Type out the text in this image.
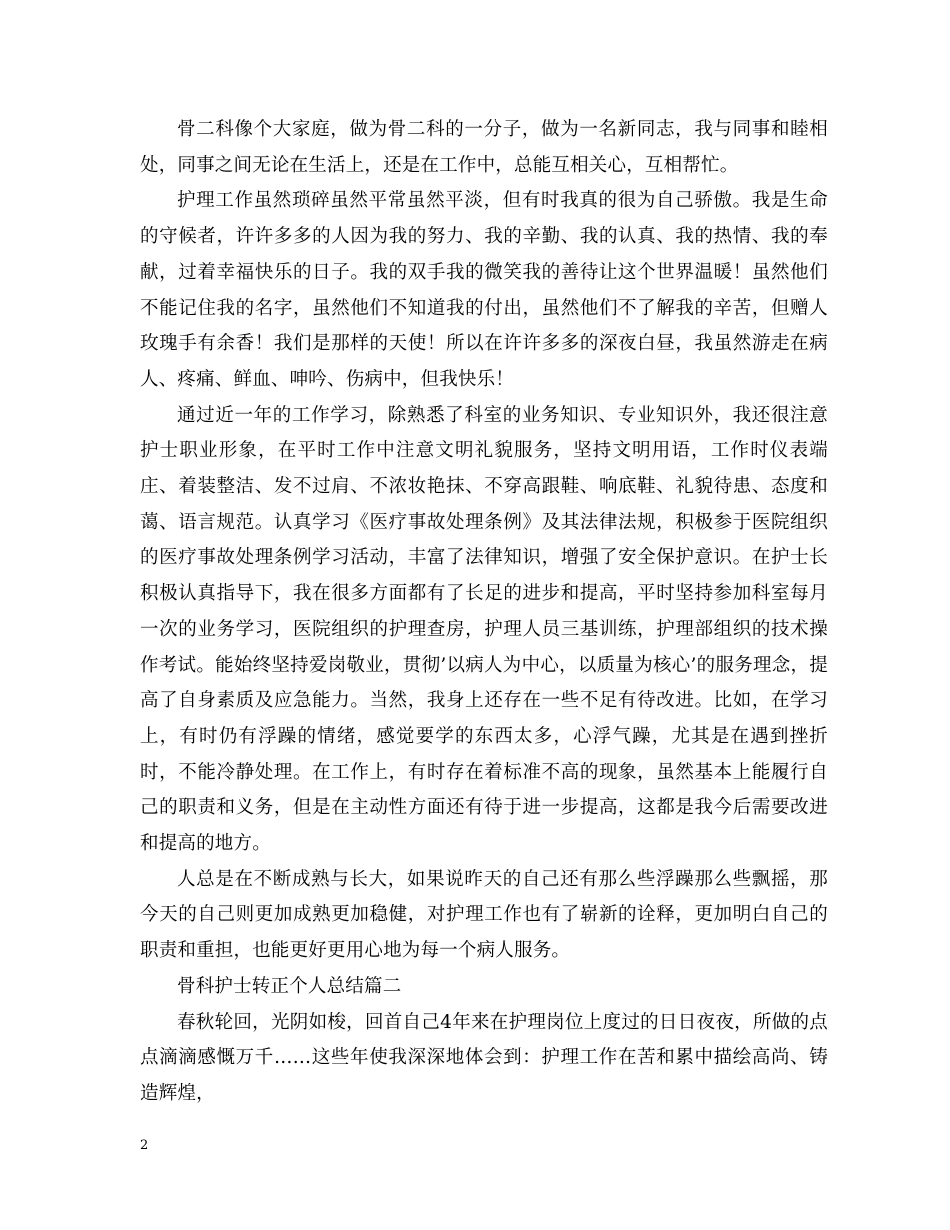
骨二科像个大家庭，做为骨二科的一分子，做为一名新同志，我与同事和睦相处，同事之间无论在生活上，还是在工作中，总能互相关心，互相帮忙。

护理工作虽然琐碎虽然平常虽然平淡，但有时我真的很为自己骄傲。我是生命的守候者，许许多多的人因为我的努力、我的辛勤、我的认真、我的热情、我的奉献，过着幸福快乐的日子。我的双手我的微笑我的善待让这个世界温暖！虽然他们不能记住我的名字，虽然他们不知道我的付出，虽然他们不了解我的辛苦，但赠人玫瑰手有余香！我们是那样的天使！所以在许许多多的深夜白昼，我虽然游走在病人、疼痛、鲜血、呻吟、伤病中，但我快乐！

通过近一年的工作学习，除熟悉了科室的业务知识、专业知识外，我还很注意护士职业形象，在平时工作中注意文明礼貌服务，坚持文明用语，工作时仪表端庄、着装整洁、发不过肩、不浓妆艳抹、不穿高跟鞋、响底鞋、礼貌待患、态度和蔼、语言规范。认真学习《医疗事故处理条例》及其法律法规，积极参于医院组织的医疗事故处理条例学习活动，丰富了法律知识，增强了安全保护意识。在护士长积极认真指导下，我在很多方面都有了长足的进步和提高，平时坚持参加科室每月一次的业务学习，医院组织的护理查房，护理人员三基训练，护理部组织的技术操作考试。能始终坚持爱岗敬业，贯彻’以病人为中心，以质量为核心’的服务理念，提高了自身素质及应急能力。当然，我身上还存在一些不足有待改进。比如，在学习上，有时仍有浮躁的情绪，感觉要学的东西太多，心浮气躁，尤其是在遇到挫折时，不能冷静处理。在工作上，有时存在着标准不高的现象，虽然基本上能履行自己的职责和义务，但是在主动性方面还有待于进一步提高，这都是我今后需要改进和提高的地方。

人总是在不断成熟与长大，如果说昨天的自己还有那么些浮躁那么些飘摇，那今天的自己则更加成熟更加稳健，对护理工作也有了崭新的诠释，更加明白自己的职责和重担，也能更好更用心地为每一个病人服务。

骨科护士转正个人总结篇二

春秋轮回，光阴如梭，回首自己4年来在护理岗位上度过的日日夜夜，所做的点点滴滴感慨万千……这些年使我深深地体会到：护理工作在苦和累中描绘高尚、铸造辉煌，

2
